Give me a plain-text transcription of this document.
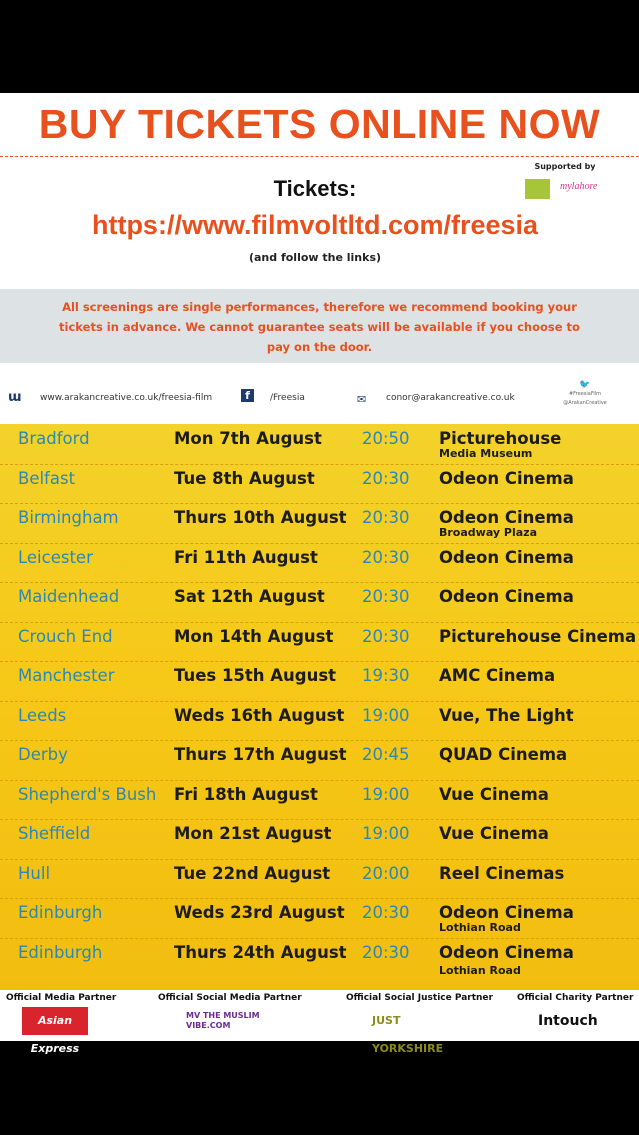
BUY TICKETS ONLINE NOW
Supported by
mylahore
Tickets:
https://www.filmvoltltd.com/freesia
(and follow the links)
All screenings are single performances, therefore we recommend booking your tickets in advance. We cannot guarantee seats will be available if you choose to pay on the door.
ɯ www.arakancreative.co.uk/freesia-film	f	/Freesia	✉ conor@arakancreative.co.uk
🐦
#FreesiaFilm
@ArakanCreative
Bradford	Mon 7th August 20:50 Picturehouse
Media Museum
Belfast	Tue 8th August	20:30 Odeon Cinema
Birmingham	Thurs 10th August 20:30 Odeon Cinema
Broadway Plaza
Leicester	Fri 11th August	20:30 Odeon Cinema
Maidenhead	Sat 12th August 20:30 Odeon Cinema
Crouch End	Mon 14th August 20:30 Picturehouse Cinema
Manchester	Tues 15th August 19:30 AMC Cinema
Leeds	Weds 16th August 19:00 Vue, The Light
Derby	Thurs 17th August 20:45 QUAD Cinema
Shepherd's Bush Fri 18th August	19:00 Vue Cinema
Sheffield	Mon 21st August 19:00 Vue Cinema
Hull	Tue 22nd August 20:00 Reel Cinemas
Edinburgh	Weds 23rd August 20:30 Odeon Cinema
Lothian Road
Edinburgh	Thurs 24th August 20:30 Odeon Cinema
Lothian Road
Official Media Partner
Asian Express
Official Social Media Partner
MV THE MUSLIM VIBE.COM
Official Social Justice Partner
JUST YORKSHIRE
Official Charity Partner
Intouch
